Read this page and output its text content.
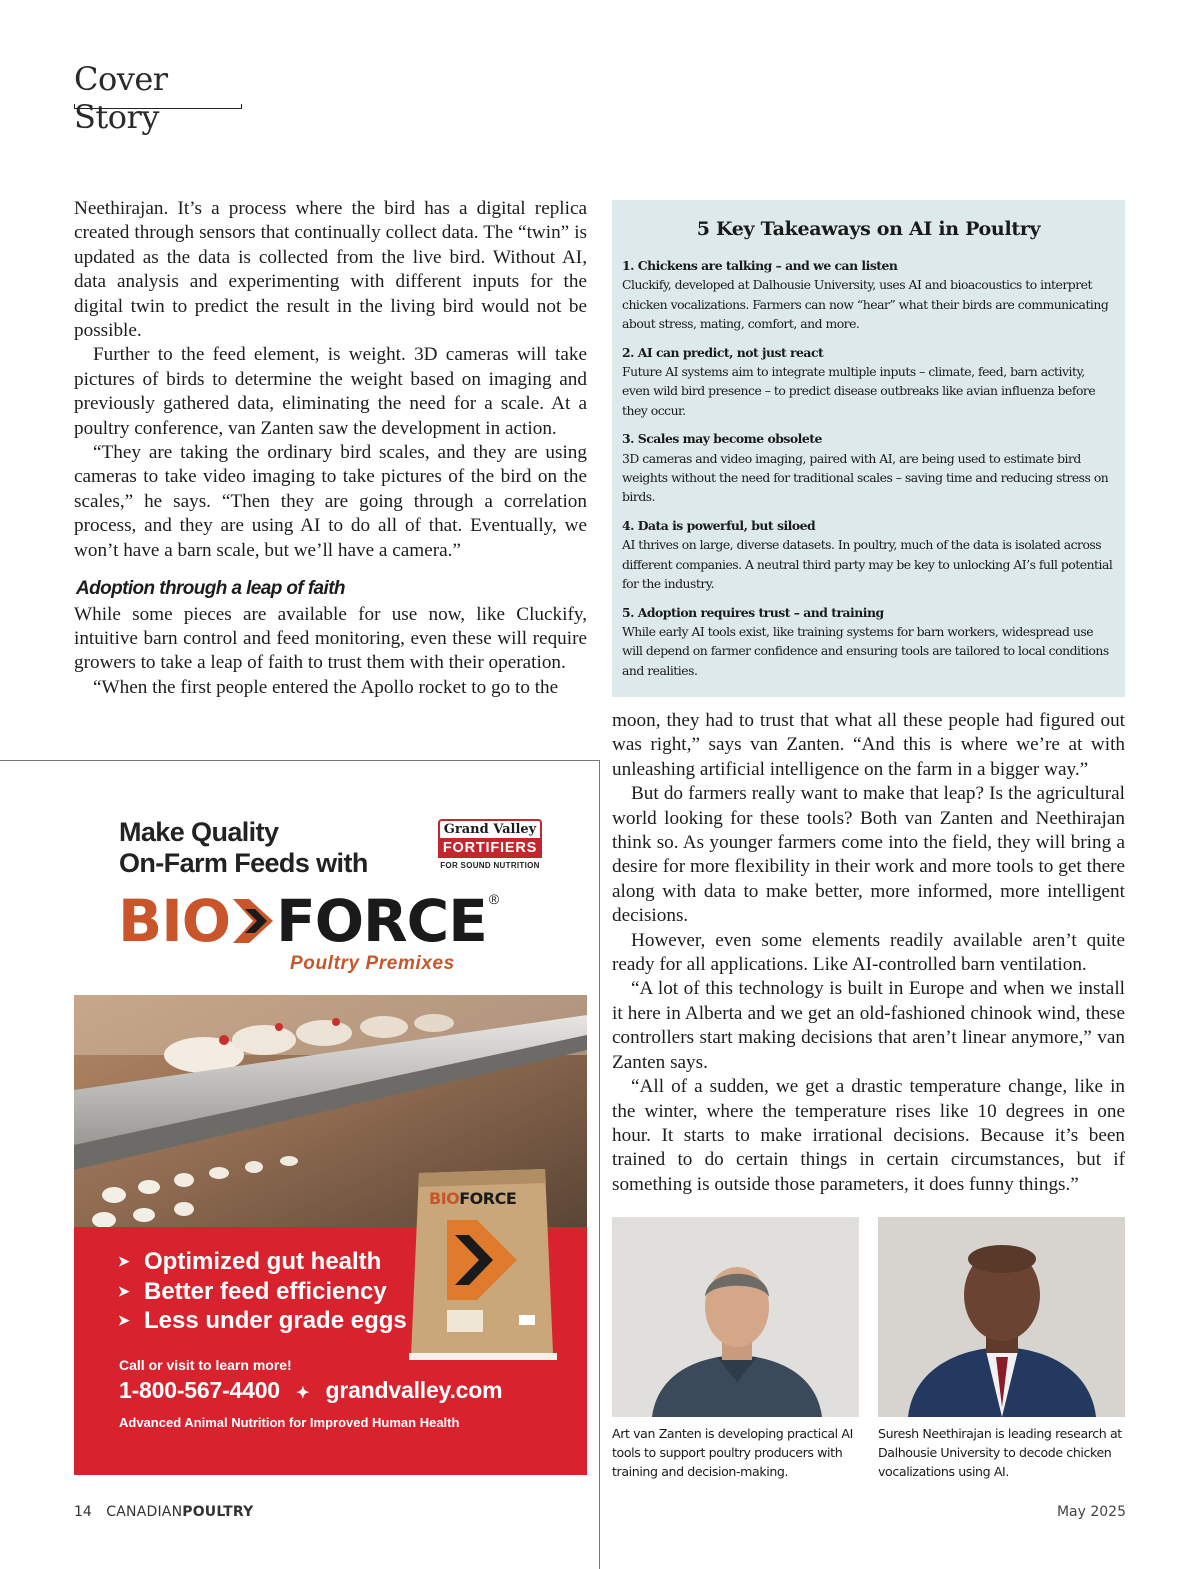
Cover Story

Neethirajan. It’s a process where the bird has a digital replica created through sensors that continually collect data. The “twin” is updated as the data is collected from the live bird. Without AI, data analysis and experimenting with different inputs for the digital twin to predict the result in the living bird would not be possible.

Further to the feed element, is weight. 3D cameras will take pictures of birds to determine the weight based on imaging and previously gathered data, eliminating the need for a scale. At a poultry conference, van Zanten saw the development in action.

“They are taking the ordinary bird scales, and they are using cameras to take video imaging to take pictures of the bird on the scales,” he says. “Then they are going through a correlation process, and they are using AI to do all of that. Eventually, we won’t have a barn scale, but we’ll have a camera.”

Adoption through a leap of faith

While some pieces are available for use now, like Cluckify, intuitive barn control and feed monitoring, even these will require growers to take a leap of faith to trust them with their operation.

“When the first people entered the Apollo rocket to go to the

5 Key Takeaways on AI in Poultry
1. Chickens are talking – and we can listen
Cluckify, developed at Dalhousie University, uses AI and bioacoustics to interpret chicken vocalizations. Farmers can now “hear” what their birds are communicating about stress, mating, comfort, and more.
2. AI can predict, not just react
Future AI systems aim to integrate multiple inputs – climate, feed, barn activity, even wild bird presence – to predict disease outbreaks like avian influenza before they occur.
3. Scales may become obsolete
3D cameras and video imaging, paired with AI, are being used to estimate bird weights without the need for traditional scales – saving time and reducing stress on birds.
4. Data is powerful, but siloed
AI thrives on large, diverse datasets. In poultry, much of the data is isolated across different companies. A neutral third party may be key to unlocking AI’s full potential for the industry.
5. Adoption requires trust – and training
While early AI tools exist, like training systems for barn workers, widespread use will depend on farmer confidence and ensuring tools are tailored to local conditions and realities.

moon, they had to trust that what all these people had figured out was right,” says van Zanten. “And this is where we’re at with unleashing artificial intelligence on the farm in a bigger way.”

But do farmers really want to make that leap? Is the agricultural world looking for these tools? Both van Zanten and Neethirajan think so. As younger farmers come into the field, they will bring a desire for more flexibility in their work and more tools to get there along with data to make better, more informed, more intelligent decisions.

However, even some elements readily available aren’t quite ready for all applications. Like AI-controlled barn ventilation.

“A lot of this technology is built in Europe and when we install it here in Alberta and we get an old-fashioned chinook wind, these controllers start making decisions that aren’t linear anymore,” van Zanten says.

“All of a sudden, we get a drastic temperature change, like in the winter, where the temperature rises like 10 degrees in one hour. It starts to make irrational decisions. Because it’s been trained to do certain things in certain circumstances, but if something is outside those parameters, it does funny things.”

Make Quality
On-Farm Feeds with
Grand Valley
FORTIFIERS
FOR SOUND NUTRITION
BIO FORCE ®
Poultry Premixes
➤ Optimized gut health
➤ Better feed efficiency
➤ Less under grade eggs
Call or visit to learn more!
1-800-567-4400 ✦ grandvalley.com
Advanced Animal Nutrition for Improved Human Health
BIOFORCE
Art van Zanten is developing practical AI tools to support poultry producers with training and decision-making.
Suresh Neethirajan is leading research at Dalhousie University to decode chicken vocalizations using AI.
14 CANADIANPOULTRY	May 2025
